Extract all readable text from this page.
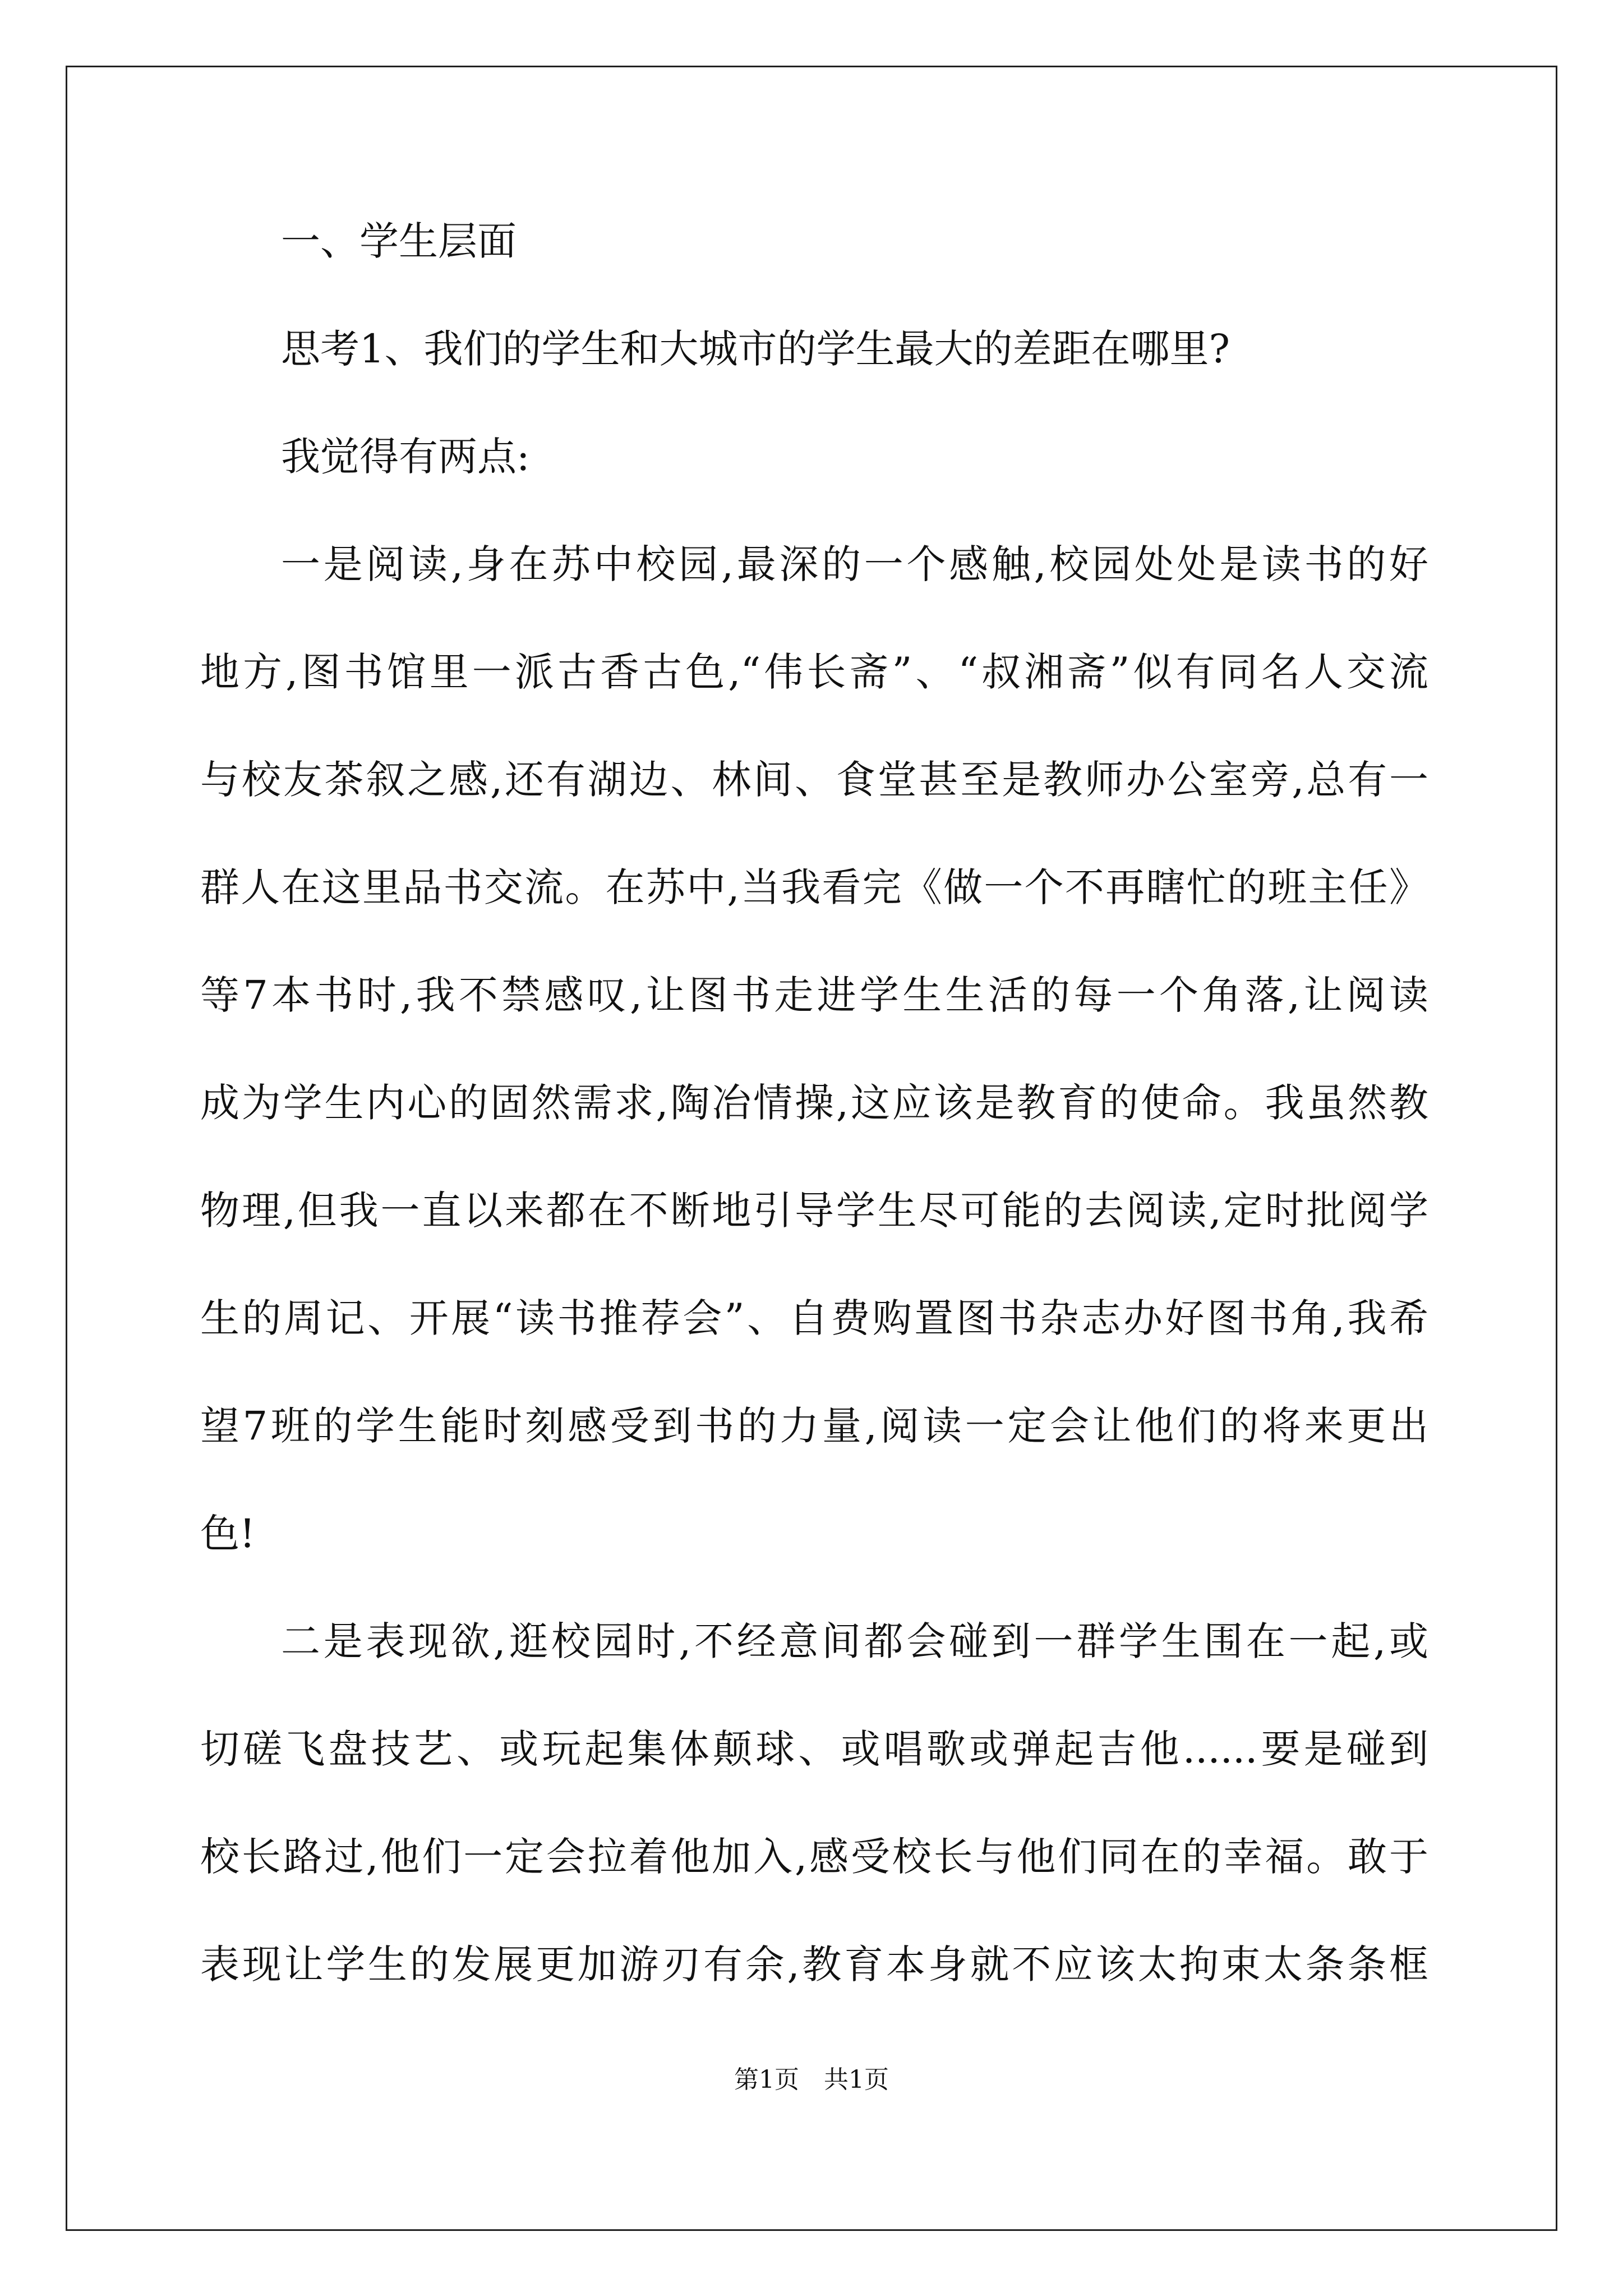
一、学生层面

思考1、我们的学生和大城市的学生最大的差距在哪里?

我觉得有两点:

一是阅读,身在苏中校园,最深的一个感触,校园处处是读书的好

地方,图书馆里一派古香古色,“伟长斋”、“叔湘斋”似有同名人交流

与校友茶叙之感,还有湖边、林间、食堂甚至是教师办公室旁,总有一

群人在这里品书交流。在苏中,当我看完《做一个不再瞎忙的班主任》

等7本书时,我不禁感叹,让图书走进学生生活的每一个角落,让阅读

成为学生内心的固然需求,陶冶情操,这应该是教育的使命。我虽然教

物理,但我一直以来都在不断地引导学生尽可能的去阅读,定时批阅学

生的周记、开展“读书推荐会”、自费购置图书杂志办好图书角,我希

望7班的学生能时刻感受到书的力量,阅读一定会让他们的将来更出

色!

二是表现欲,逛校园时,不经意间都会碰到一群学生围在一起,或

切磋飞盘技艺、或玩起集体颠球、或唱歌或弹起吉他......要是碰到

校长路过,他们一定会拉着他加入,感受校长与他们同在的幸福。敢于

表现让学生的发展更加游刃有余,教育本身就不应该太拘束太条条框

第1页　共1页
